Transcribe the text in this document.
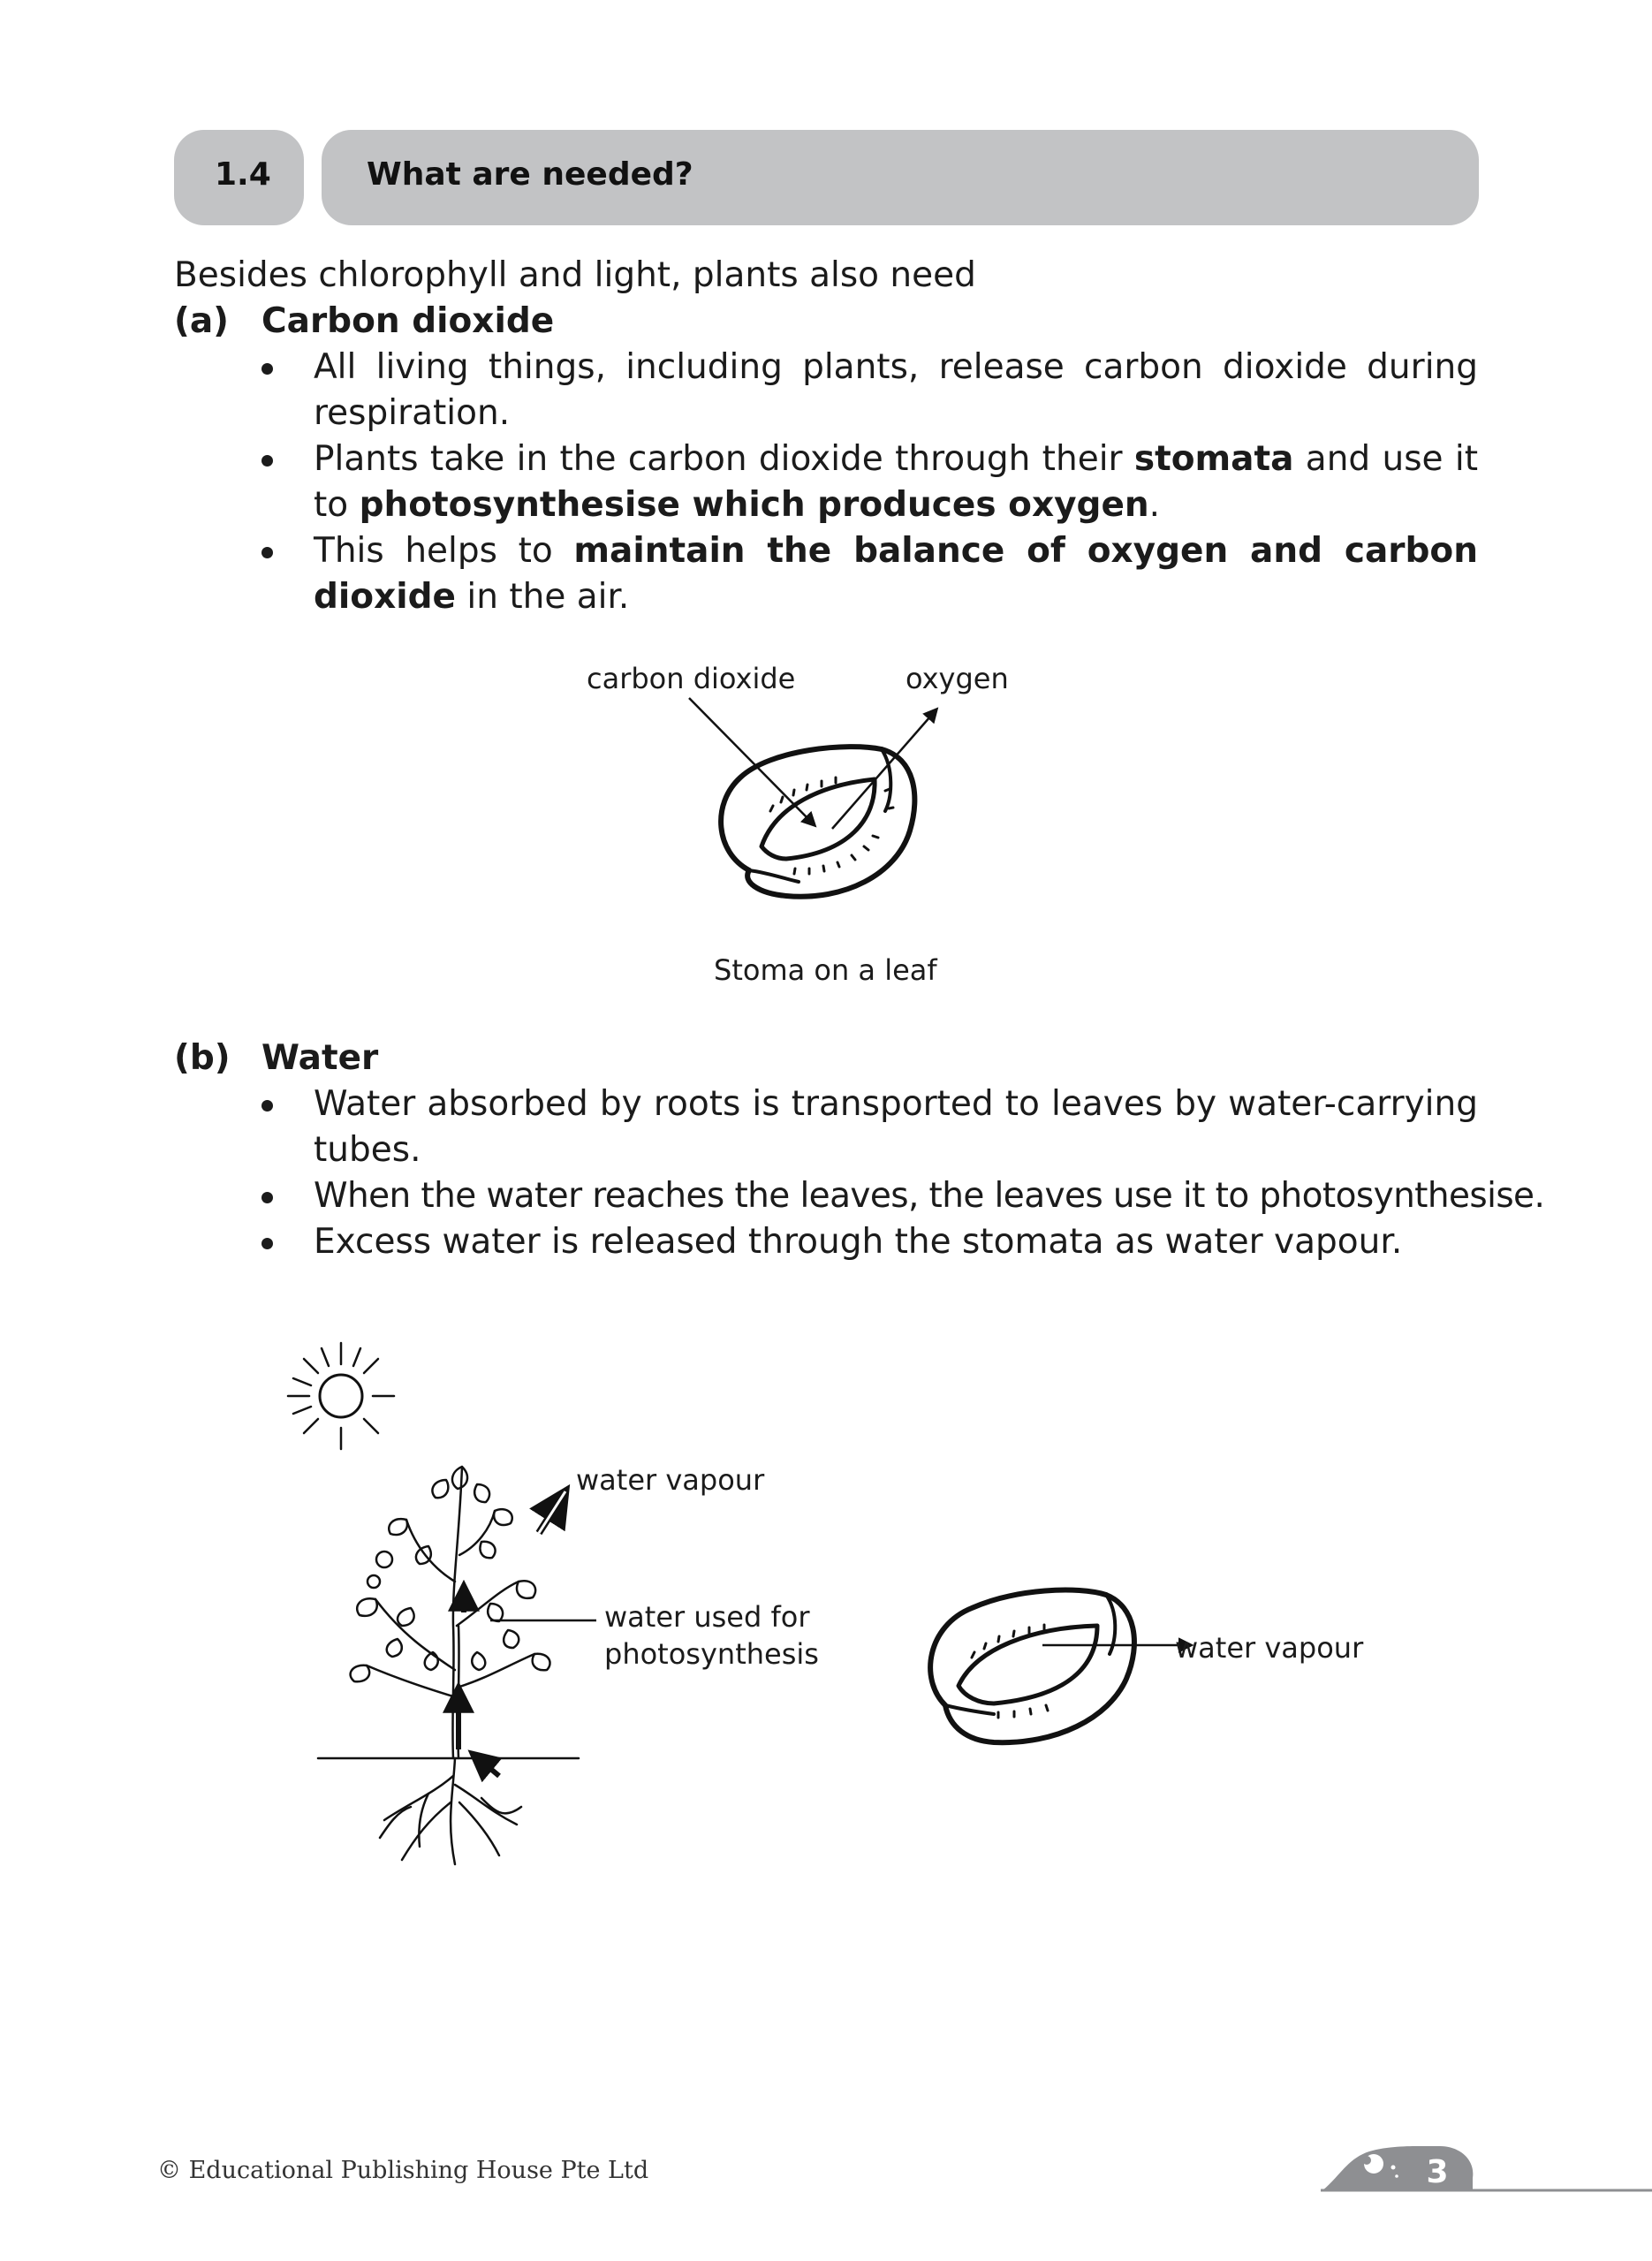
1.4	What are needed?
Besides chlorophyll and light, plants also need
(a) Carbon dioxide
All living things, including plants, release carbon dioxide during respiration.
Plants take in the carbon dioxide through their stomata and use it to photosynthesise which produces oxygen.
This helps to maintain the balance of oxygen and carbon dioxide in the air.
carbon dioxide	oxygen
Stoma on a leaf
(b) Water
Water absorbed by roots is transported to leaves by water-carrying tubes.
When the water reaches the leaves, the leaves use it to photosynthesise.
Excess water is released through the stomata as water vapour.
water vapour
water used for
photosynthesis	water vapour
© Educational Publishing House Pte Ltd	3
